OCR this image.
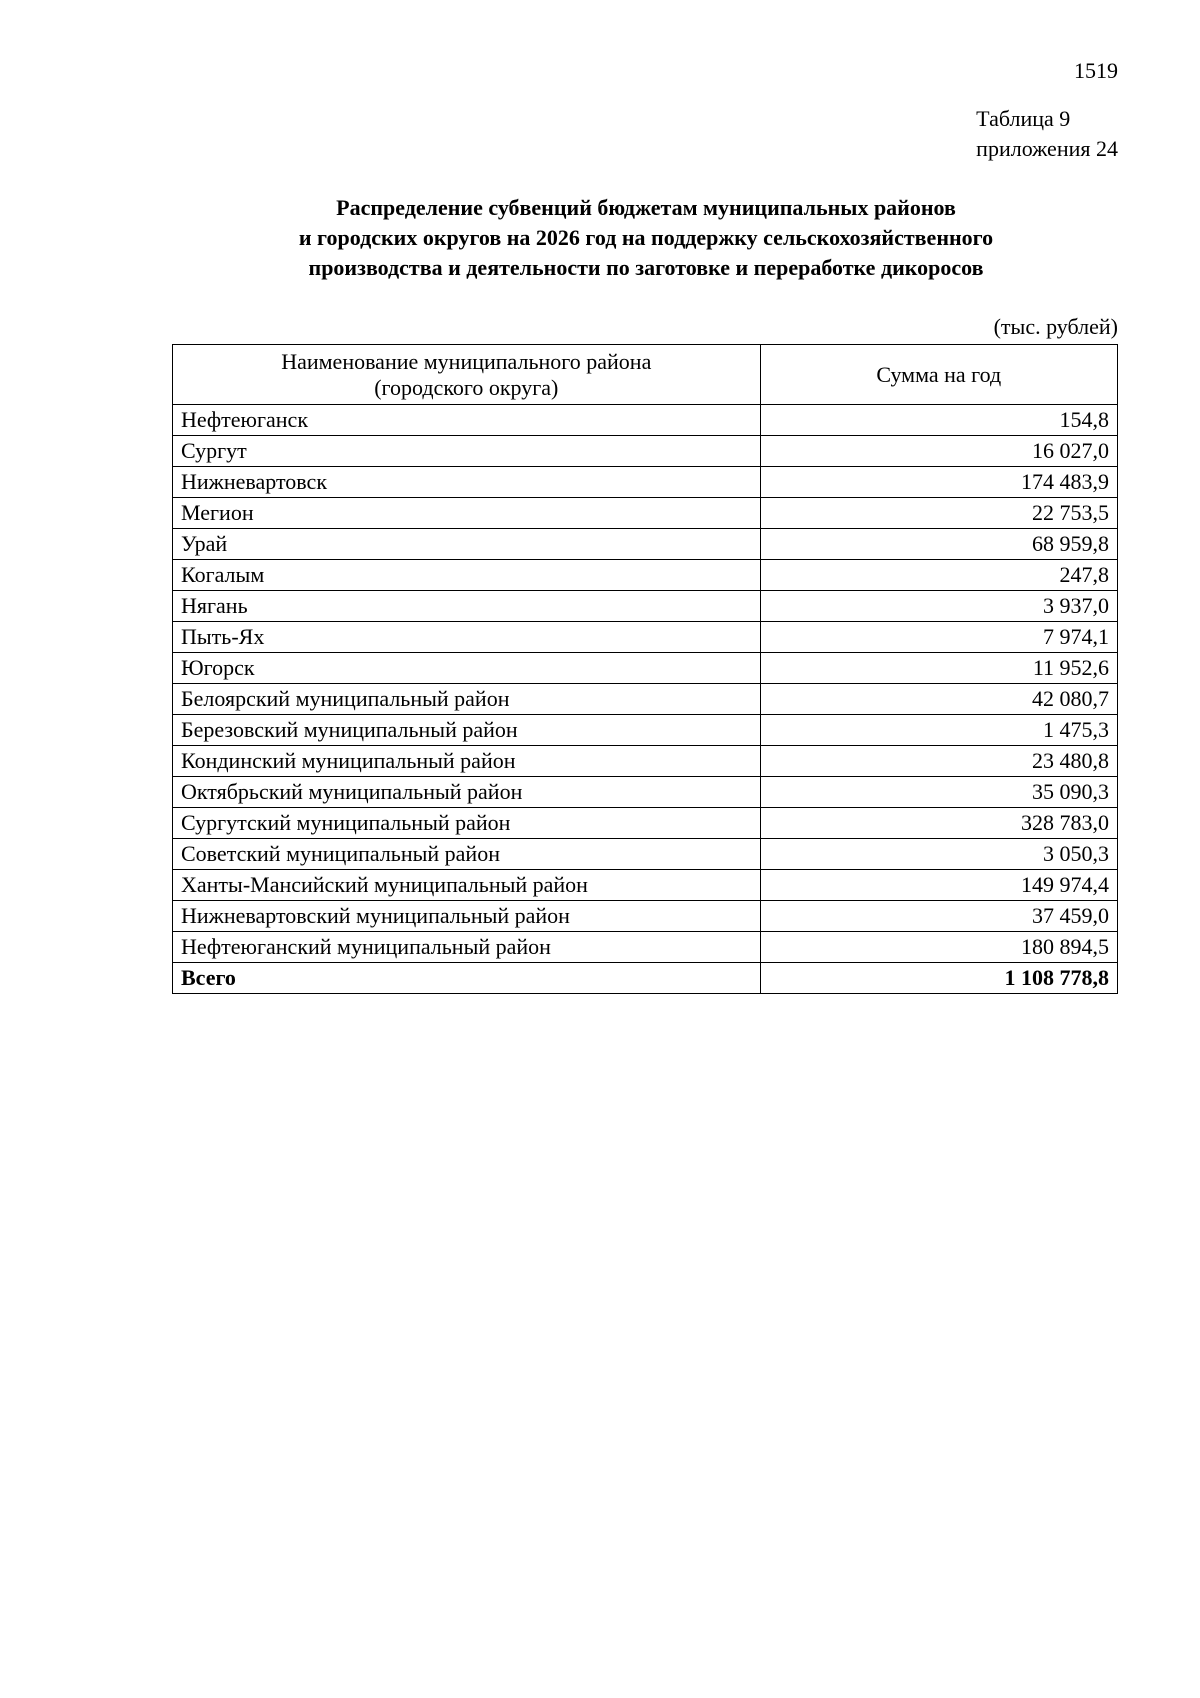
1519
Таблица 9
приложения 24
Распределение субвенций бюджетам муниципальных районов
и городских округов на 2026 год на поддержку сельскохозяйственного
производства и деятельности по заготовке и переработке дикоросов
(тыс. рублей)
Наименование муниципального района
(городского округа)	Сумма на год
Нефтеюганск	154,8
Сургут	16 027,0
Нижневартовск	174 483,9
Мегион	22 753,5
Урай	68 959,8
Когалым	247,8
Нягань	3 937,0
Пыть-Ях	7 974,1
Югорск	11 952,6
Белоярский муниципальный район	42 080,7
Березовский муниципальный район	1 475,3
Кондинский муниципальный район	23 480,8
Октябрьский муниципальный район	35 090,3
Сургутский муниципальный район	328 783,0
Советский муниципальный район	3 050,3
Ханты-Мансийский муниципальный район	149 974,4
Нижневартовский муниципальный район	37 459,0
Нефтеюганский муниципальный район	180 894,5
Всего	1 108 778,8
